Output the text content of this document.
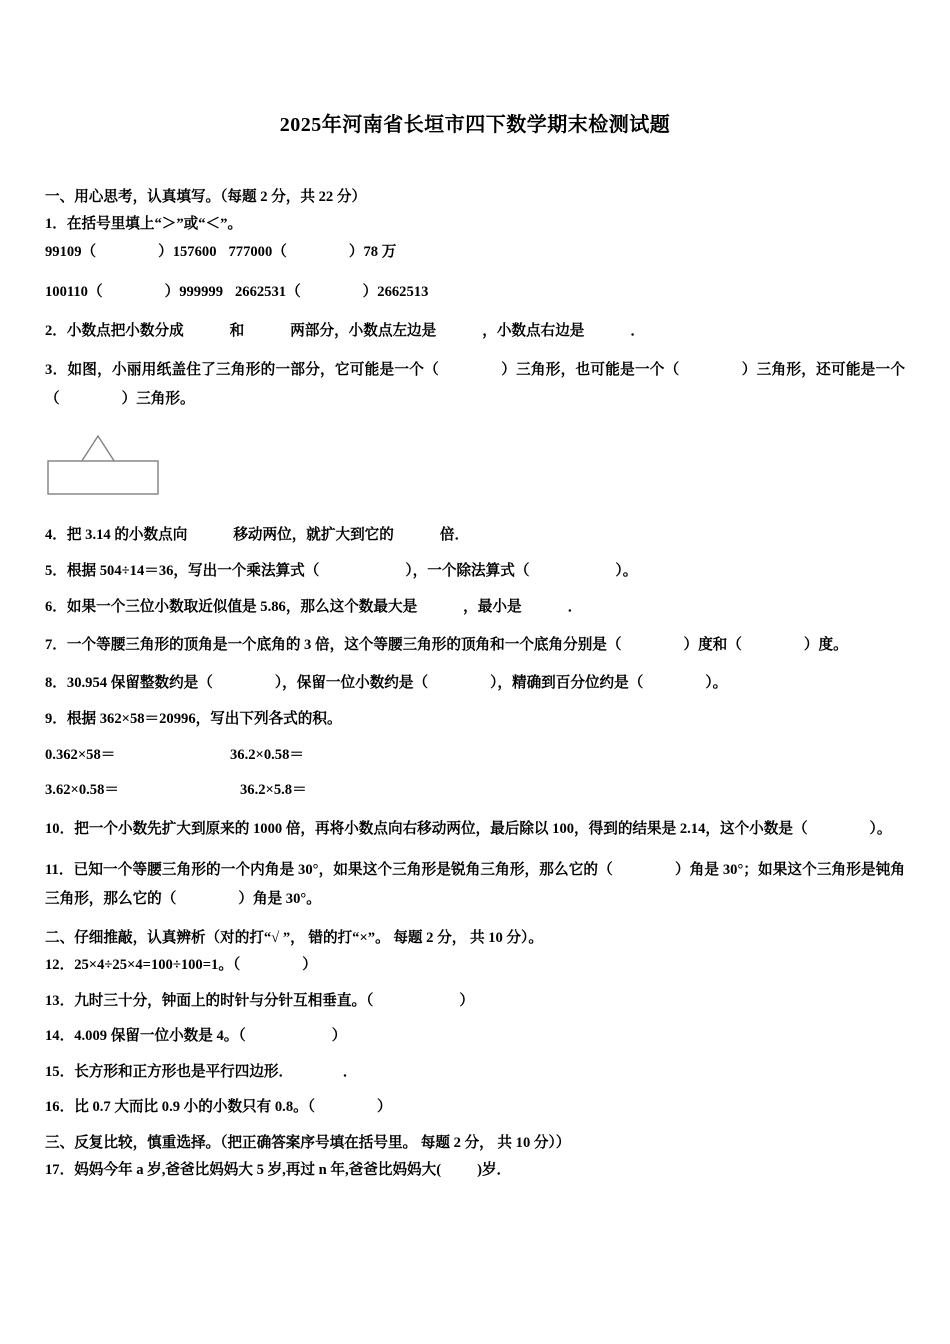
2025年河南省长垣市四下数学期末检测试题

一、用心思考，认真填写。（每题 2 分，共 22 分）

1．在括号里填上“＞”或“＜”。

99109（	）157600 777000（	）78 万

100110（	）999999 2662531（	）2662513

2．小数点把小数分成	和	两部分，小数点左边是	，小数点右边是	．

3．如图，小丽用纸盖住了三角形的一部分，它可能是一个（	）三角形，也可能是一个（	）三角形，还可能是一个（	）三角形。

4．把 3.14 的小数点向	移动两位，就扩大到它的	倍．

5．根据 504÷14＝36，写出一个乘法算式（	），一个除法算式（	）。

6．如果一个三位小数取近似值是 5.86，那么这个数最大是	，最小是	．

7．一个等腰三角形的顶角是一个底角的 3 倍，这个等腰三角形的顶角和一个底角分别是（	）度和（	）度。

8．30.954 保留整数约是（	），保留一位小数约是（	），精确到百分位约是（	）。

9．根据 362×58＝20996，写出下列各式的积。

0.362×58＝	36.2×0.58＝
3.62×0.58＝	36.2×5.8＝

10．把一个小数先扩大到原来的 1000 倍，再将小数点向右移动两位，最后除以 100，得到的结果是 2.14，这个小数是（	）。

11．已知一个等腰三角形的一个内角是 30°，如果这个三角形是锐角三角形，那么它的（	）角是 30°；如果这个三角形是钝角三角形，那么它的（	）角是 30°。

二、仔细推敲，认真辨析（对的打“√ ”， 错的打“×”。 每题 2 分， 共 10 分）。

12．25×4÷25×4=100÷100=1。（	）

13．九时三十分，钟面上的时针与分针互相垂直。（	）

14．4.009 保留一位小数是 4。（	）

15．长方形和正方形也是平行四边形．	．

16．比 0.7 大而比 0.9 小的小数只有 0.8。（	）

三、反复比较，慎重选择。（把正确答案序号填在括号里。 每题 2 分， 共 10 分））

17．妈妈今年 a 岁,爸爸比妈妈大 5 岁,再过 n 年,爸爸比妈妈大( )岁．
